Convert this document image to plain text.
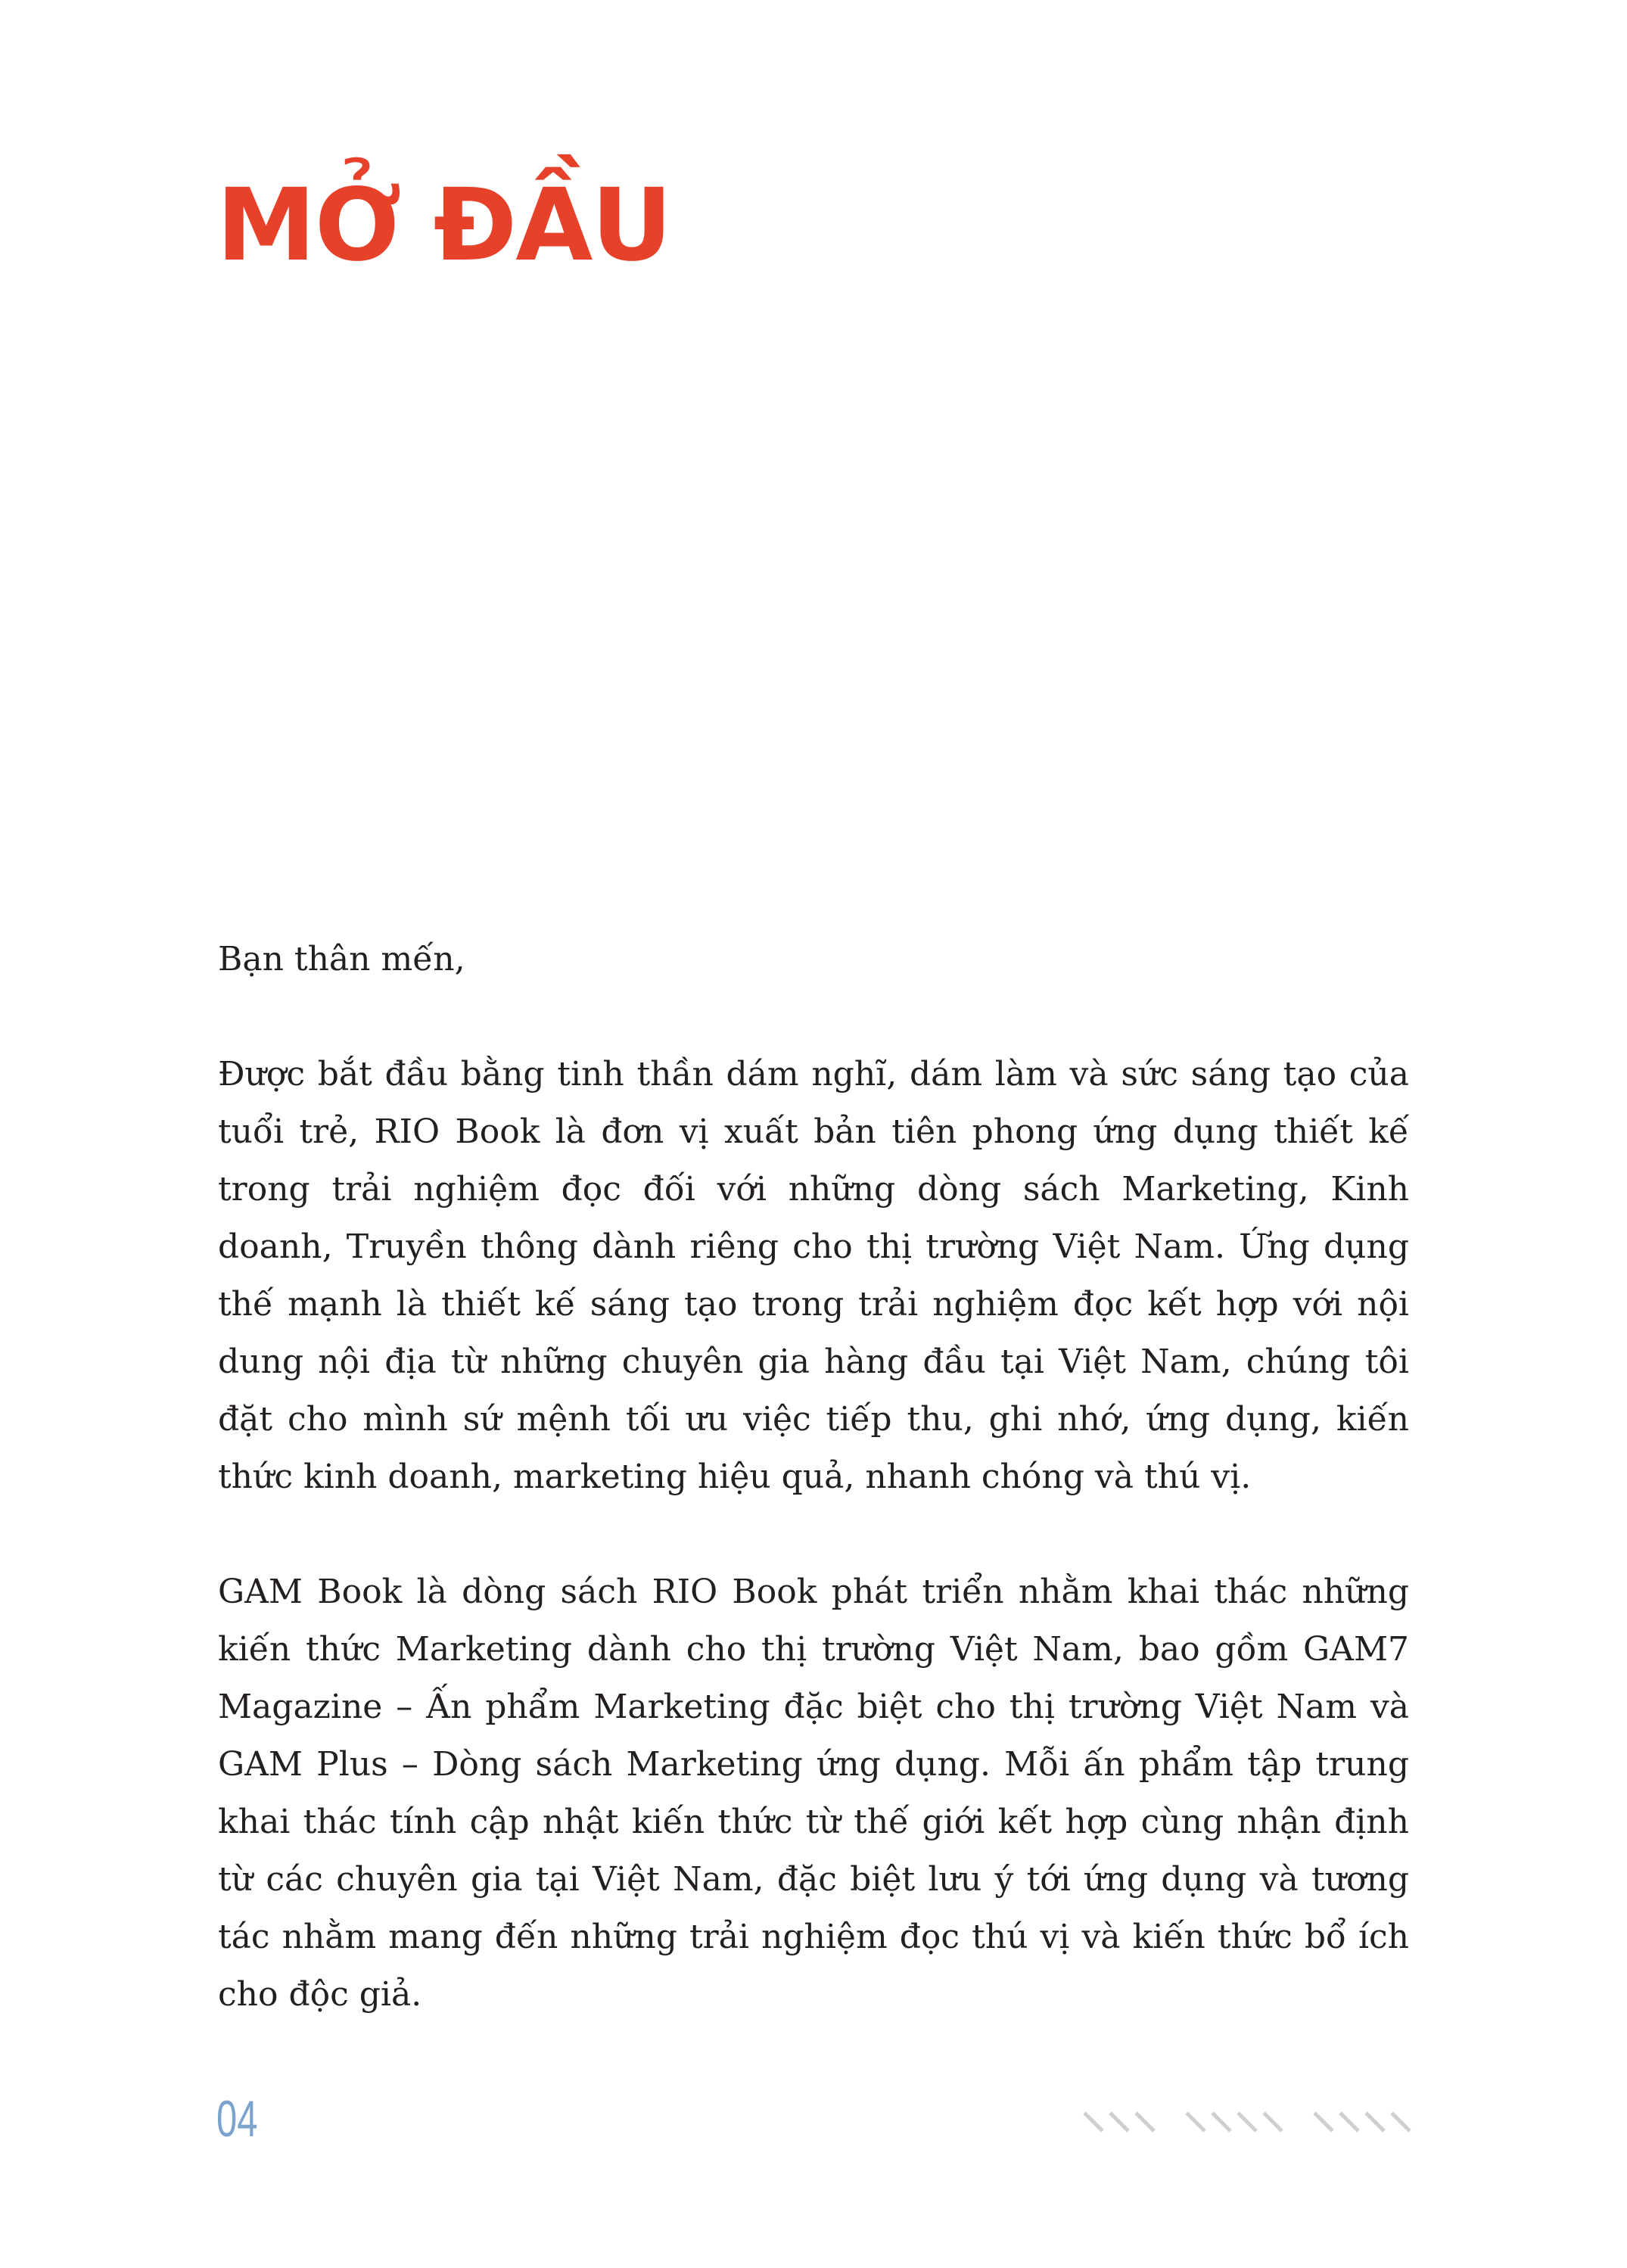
MỞ ĐẦU

Bạn thân mến,

Được bắt đầu bằng tinh thần dám nghĩ, dám làm và sức sáng tạo của tuổi trẻ, RIO Book là đơn vị xuất bản tiên phong ứng dụng thiết kế trong trải nghiệm đọc đối với những dòng sách Marketing, Kinh doanh, Truyền thông dành riêng cho thị trường Việt Nam. Ứng dụng thế mạnh là thiết kế sáng tạo trong trải nghiệm đọc kết hợp với nội dung nội địa từ những chuyên gia hàng đầu tại Việt Nam, chúng tôi đặt cho mình sứ mệnh tối ưu việc tiếp thu, ghi nhớ, ứng dụng, kiến thức kinh doanh, marketing hiệu quả, nhanh chóng và thú vị.

GAM Book là dòng sách RIO Book phát triển nhằm khai thác những kiến thức Marketing dành cho thị trường Việt Nam, bao gồm GAM7 Magazine – Ấn phẩm Marketing đặc biệt cho thị trường Việt Nam và GAM Plus – Dòng sách Marketing ứng dụng. Mỗi ấn phẩm tập trung khai thác tính cập nhật kiến thức từ thế giới kết hợp cùng nhận định từ các chuyên gia tại Việt Nam, đặc biệt lưu ý tới ứng dụng và tương tác nhằm mang đến những trải nghiệm đọc thú vị và kiến thức bổ ích cho độc giả.

04
